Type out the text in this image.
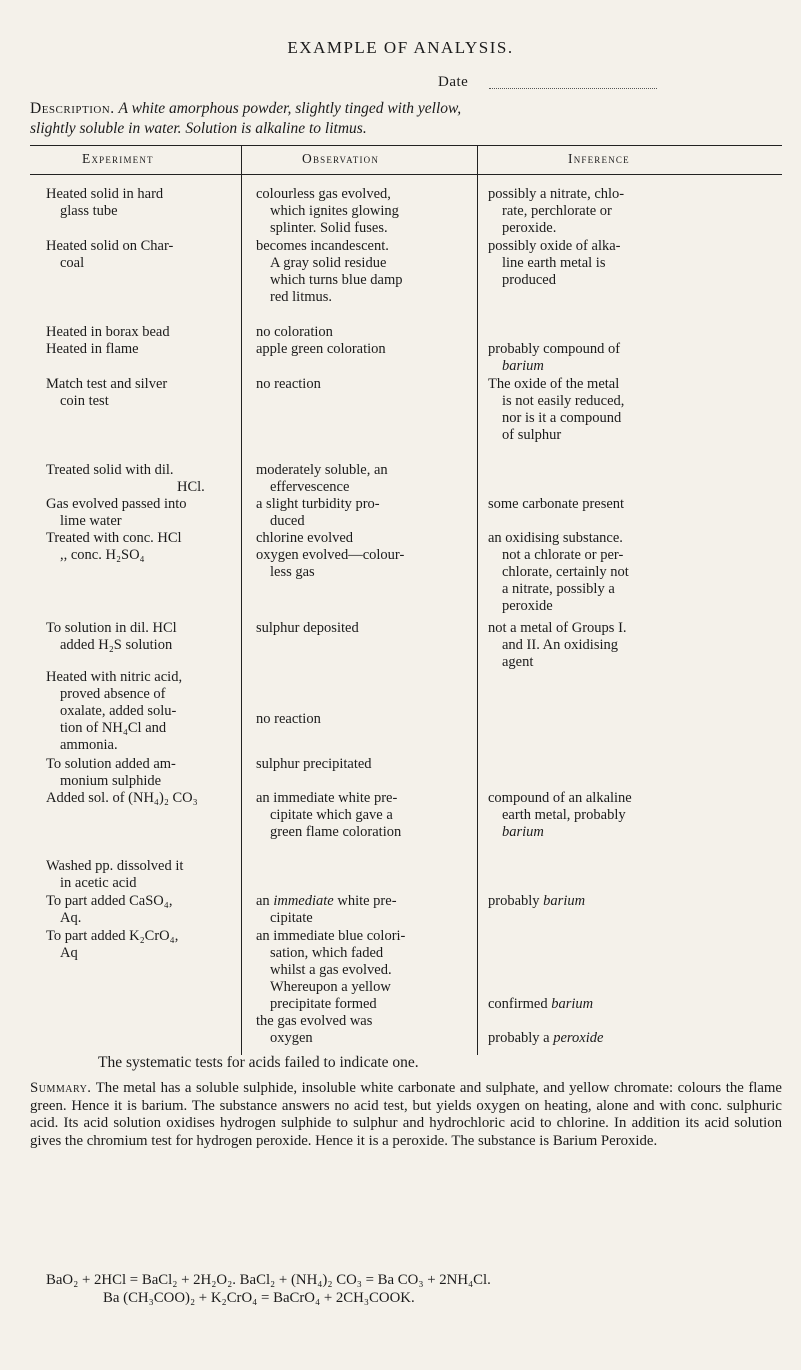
EXAMPLE OF ANALYSIS.
Date
Description. A white amorphous powder, slightly tinged with yellow,
slightly soluble in water. Solution is alkaline to litmus.
Experiment	Observation	Inference
Heated solid in hard
glass tube
Heated solid on Char-
coal
Heated in borax bead
Heated in flame
Match test and silver
coin test
Treated solid with dil.
HCl.
Gas evolved passed into
lime water
Treated with conc. HCl
,, conc. H₂SO₄
To solution in dil. HCl
added H₂S solution
Heated with nitric acid,
proved absence of
oxalate, added solu-
tion of NH₄Cl and
ammonia.
To solution added am-
monium sulphide
Added sol. of (NH₄)₂ CO₃
Washed pp. dissolved it
in acetic acid
To part added CaSO₄,
Aq.
To part added K₂CrO₄,
Aq
colourless gas evolved,
which ignites glowing
splinter. Solid fuses.
becomes incandescent.
A gray solid residue
which turns blue damp
red litmus.
no coloration
apple green coloration
no reaction
moderately soluble, an
effervescence
a slight turbidity pro-
duced
chlorine evolved
oxygen evolved—colour-
less gas
sulphur deposited
no reaction
sulphur precipitated
an immediate white pre-
cipitate which gave a
green flame coloration
an immediate white pre-
cipitate
an immediate blue colori-
sation, which faded
whilst a gas evolved.
Whereupon a yellow
precipitate formed
the gas evolved was
oxygen
possibly a nitrate, chlo-
rate, perchlorate or
peroxide.
possibly oxide of alka-
line earth metal is
produced
probably compound of
barium
The oxide of the metal
is not easily reduced,
nor is it a compound
of sulphur
some carbonate present
an oxidising substance.
not a chlorate or per-
chlorate, certainly not
a nitrate, possibly a
peroxide
not a metal of Groups I.
and II. An oxidising
agent
compound of an alkaline
earth metal, probably
barium
probably barium
confirmed barium
probably a peroxide
The systematic tests for acids failed to indicate one.
Summary. The metal has a soluble sulphide, insoluble white carbonate and sulphate, and yellow chromate: colours the flame green. Hence it is barium. The substance answers no acid test, but yields oxygen on heating, alone and with conc. sulphuric acid. Its acid solution oxidises hydrogen sulphide to sulphur and hydrochloric acid to chlorine. In addition its acid solution gives the chromium test for hydrogen peroxide. Hence it is a peroxide. The substance is Barium Peroxide.
BaO₂ + 2HCl = BaCl₂ + 2H₂O₂. BaCl₂ + (NH₄)₂ CO₃ = Ba CO₃ + 2NH₄Cl.
Ba (CH₃COO)₂ + K₂CrO₄ = BaCrO₄ + 2CH₃COOK.
